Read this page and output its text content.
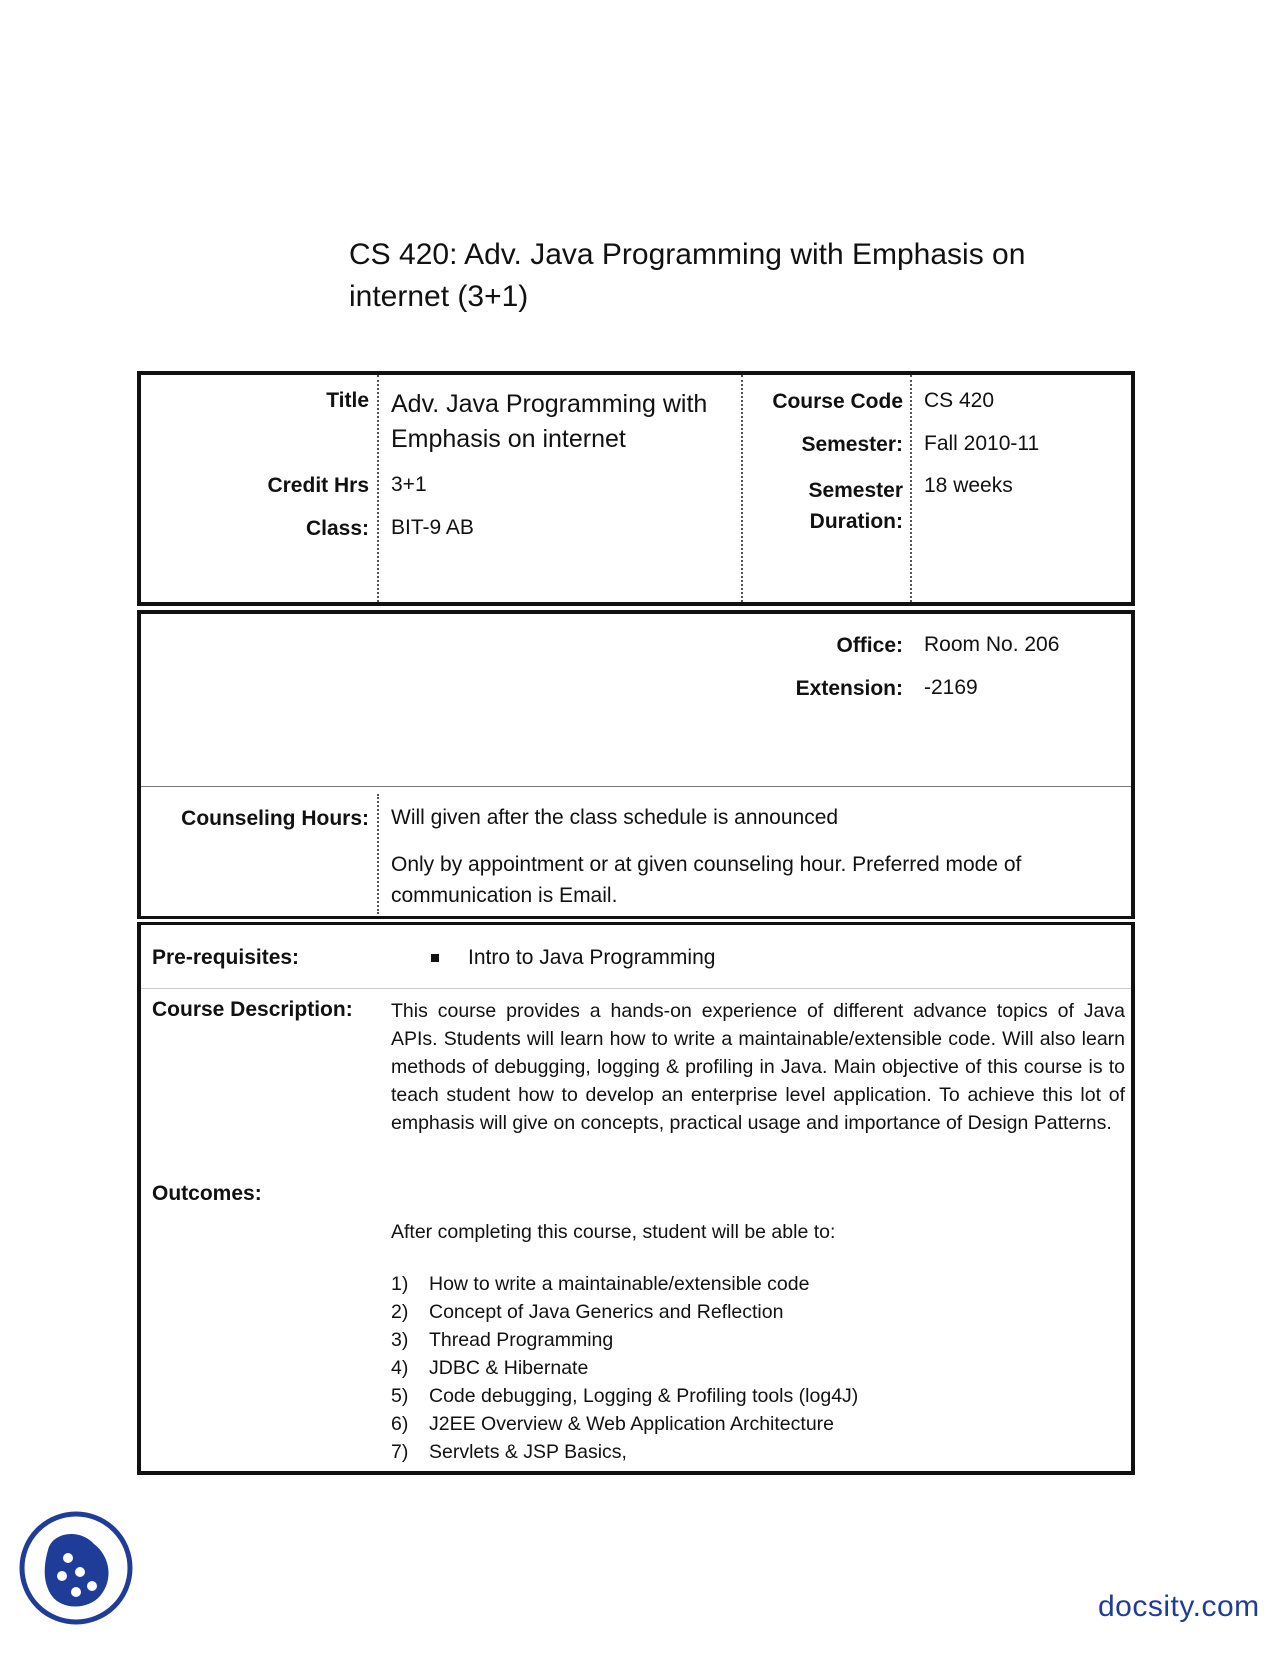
CS 420: Adv. Java Programming with Emphasis on internet (3+1)
Title Adv. Java Programming with Emphasis on internet
Credit Hrs 3+1
Class: BIT-9 AB
Course Code CS 420
Semester: Fall 2010-11
Semester
Duration:
18 weeks
Office: Room No. 206
Extension: -2169
Counseling Hours: Will given after the class schedule is announced
Only by appointment or at given counseling hour. Preferred mode of communication is Email.
Pre-requisites:	Intro to Java Programming
Course Description: This course provides a hands-on experience of different advance topics of Java APIs. Students will learn how to write a maintainable/extensible code. Will also learn methods of debugging, logging & profiling in Java. Main objective of this course is to teach student how to develop an enterprise level application. To achieve this lot of emphasis will give on concepts, practical usage and importance of Design Patterns.

Outcomes:
After completing this course, student will be able to:
1)	How to write a maintainable/extensible code
2)	Concept of Java Generics and Reflection
3)	Thread Programming
4)	JDBC & Hibernate
5)	Code debugging, Logging & Profiling tools (log4J)
6)	J2EE Overview & Web Application Architecture
7)	Servlets & JSP Basics,
docsity.com
